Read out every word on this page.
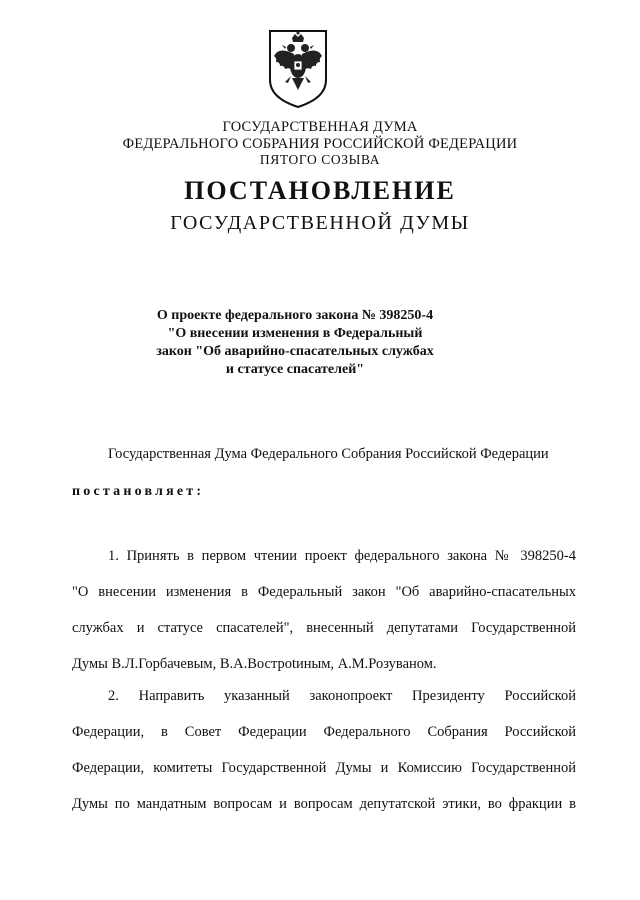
ГОСУДАРСТВЕННАЯ ДУМА
ФЕДЕРАЛЬНОГО СОБРАНИЯ РОССИЙСКОЙ ФЕДЕРАЦИИ
ПЯТОГО СОЗЫВА
ПОСТАНОВЛЕНИЕ
ГОСУДАРСТВЕННОЙ ДУМЫ
О проекте федерального закона № 398250-4
"О внесении изменения в Федеральный
закон "Об аварийно-спасательных службах
и статусе спасателей"
Государственная Дума Федерального Собрания Российской Федерации
постановляет:
1. Принять в первом чтении проект федерального закона № 398250-4
"О внесении изменения в Федеральный закон "Об аварийно-спасательных
службах и статусе спасателей", внесенный депутатами Государственной
Думы В.Л.Горбачевым, В.А.Вострotиным, А.М.Розуваном.
2. Направить указанный законопроект Президенту Российской
Федерации, в Совет Федерации Федерального Собрания Российской
Федерации, комитеты Государственной Думы и Комиссию Государственной
Думы по мандатным вопросам и вопросам депутатской этики, во фракции в
